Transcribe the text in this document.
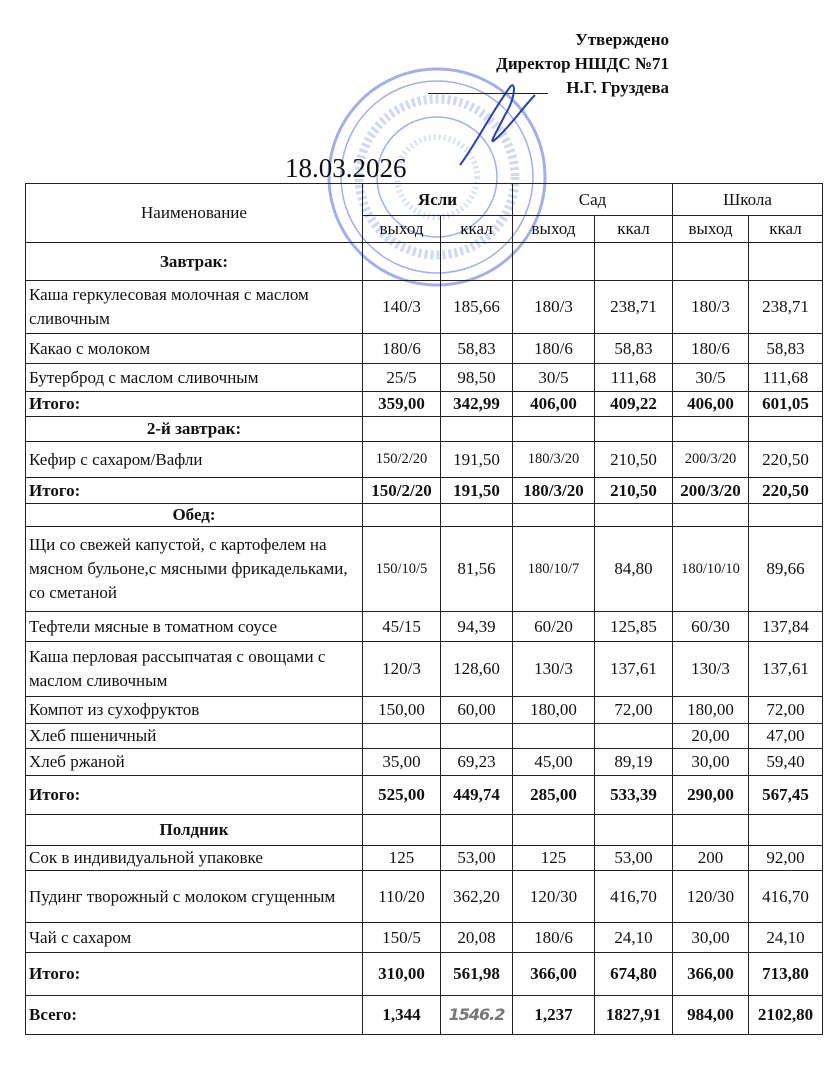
Утверждено
Директор НШДС №71
Н.Г. Груздева
18.03.2026
Наименование	Ясли		Сад		Школа	
	выход	ккал	выход	ккал	выход	ккал
Завтрак:						
Каша геркулесовая молочная с маслом сливочным	140/3	185,66	180/3	238,71	180/3	238,71
Какао с молоком	180/6	58,83	180/6	58,83	180/6	58,83
Бутерброд с маслом сливочным	25/5	98,50	30/5	111,68	30/5	111,68
Итого:	359,00	342,99	406,00	409,22	406,00	601,05
2-й завтрак:						
Кефир с сахаром/Вафли	150/2/20	191,50	180/3/20	210,50	200/3/20	220,50
Итого:	150/2/20	191,50	180/3/20	210,50	200/3/20	220,50
Обед:						
Щи со свежей капустой, с картофелем на мясном бульоне,с мясными фрикадельками, со сметаной	150/10/5	81,56	180/10/7	84,80	180/10/10	89,66
Тефтели мясные в томатном соусе	45/15	94,39	60/20	125,85	60/30	137,84
Каша перловая рассыпчатая с овощами с маслом сливочным	120/3	128,60	130/3	137,61	130/3	137,61
Компот из сухофруктов	150,00	60,00	180,00	72,00	180,00	72,00
Хлеб пшеничный					20,00	47,00
Хлеб ржаной	35,00	69,23	45,00	89,19	30,00	59,40
Итого:	525,00	449,74	285,00	533,39	290,00	567,45
Полдник						
Сок в индивидуальной упаковке	125	53,00	125	53,00	200	92,00
Пудинг творожный с молоком сгущенным	110/20	362,20	120/30	416,70	120/30	416,70
Чай с сахаром	150/5	20,08	180/6	24,10	30,00	24,10
Итого:	310,00	561,98	366,00	674,80	366,00	713,80
Всего:	1,344	1546.2	1,237	1827,91	984,00	2102,80
